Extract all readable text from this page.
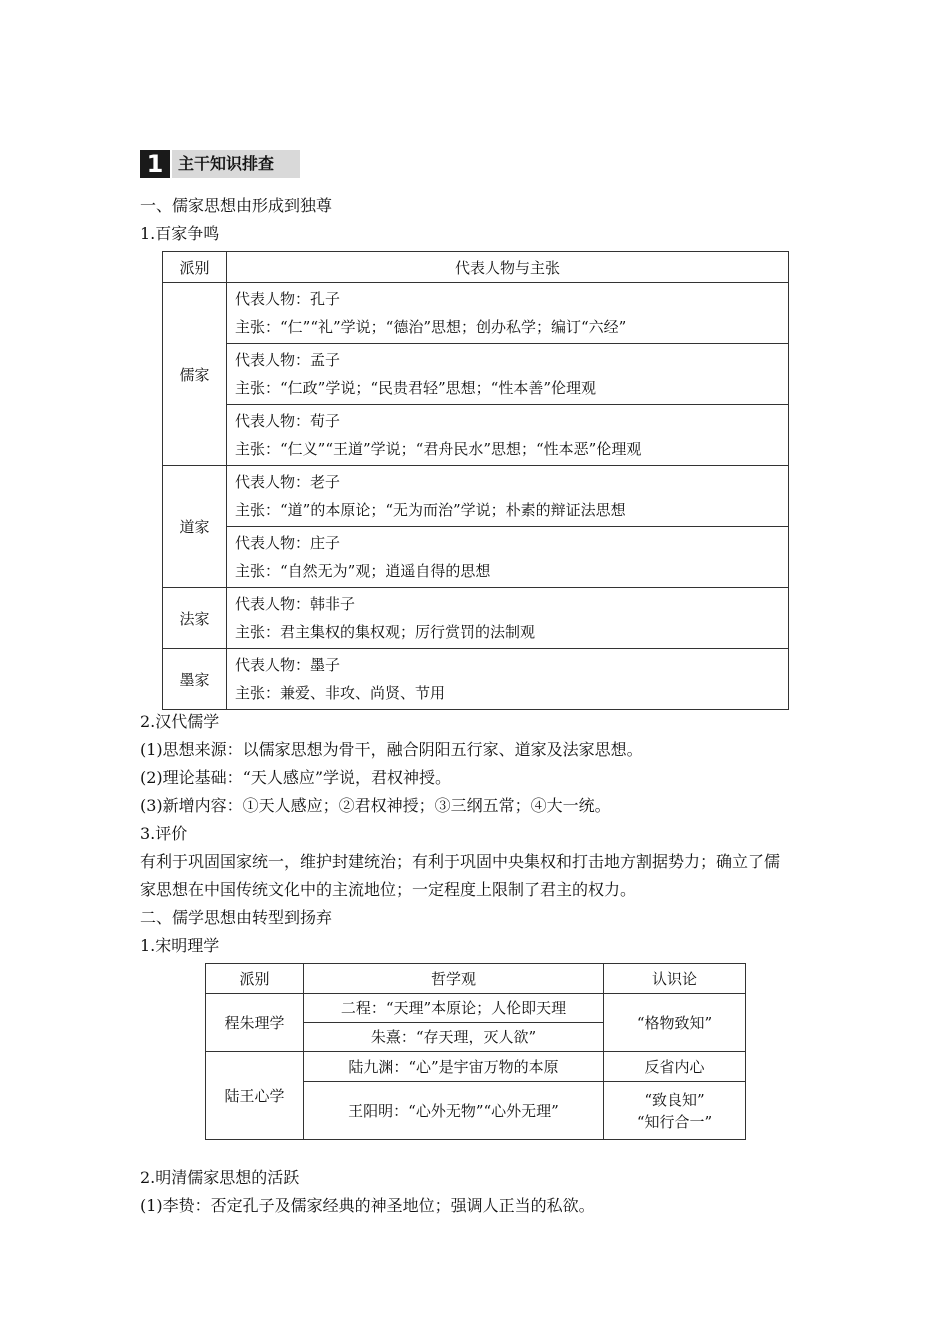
1 主干知识排查
一、儒家思想由形成到独尊
1.百家争鸣
派别	代表人物与主张
儒家	代表人物：孔子
主张：“仁”“礼”学说；“德治”思想；创办私学；编订“六经”

	代表人物：孟子
主张：“仁政”学说；“民贵君轻”思想；“性本善”伦理观

	代表人物：荀子
主张：“仁义”“王道”学说；“君舟民水”思想；“性本恶”伦理观

道家	代表人物：老子
主张：“道”的本原论；“无为而治”学说；朴素的辩证法思想

	代表人物：庄子
主张：“自然无为”观；逍遥自得的思想

法家	代表人物：韩非子
主张：君主集权的集权观；厉行赏罚的法制观

墨家	代表人物：墨子
主张：兼爱、非攻、尚贤、节用
2.汉代儒学
(1)思想来源：以儒家思想为骨干，融合阴阳五行家、道家及法家思想。
(2)理论基础：“天人感应”学说，君权神授。
(3)新增内容：①天人感应；②君权神授；③三纲五常；④大一统。
3.评价
有利于巩固国家统一，维护封建统治；有利于巩固中央集权和打击地方割据势力；确立了儒
家思想在中国传统文化中的主流地位；一定程度上限制了君主的权力。
二、儒学思想由转型到扬弃
1.宋明理学
派别	哲学观	认识论
程朱理学	二程：“天理”本原论；人伦即天理	“格物致知”
	朱熹：“存天理，灭人欲”	
陆王心学	陆九渊：“心”是宇宙万物的本原	反省内心
	王阳明：“心外无物”“心外无理”	“致良知”
“知行合一”
2.明清儒家思想的活跃
(1)李贽：否定孔子及儒家经典的神圣地位；强调人正当的私欲。
